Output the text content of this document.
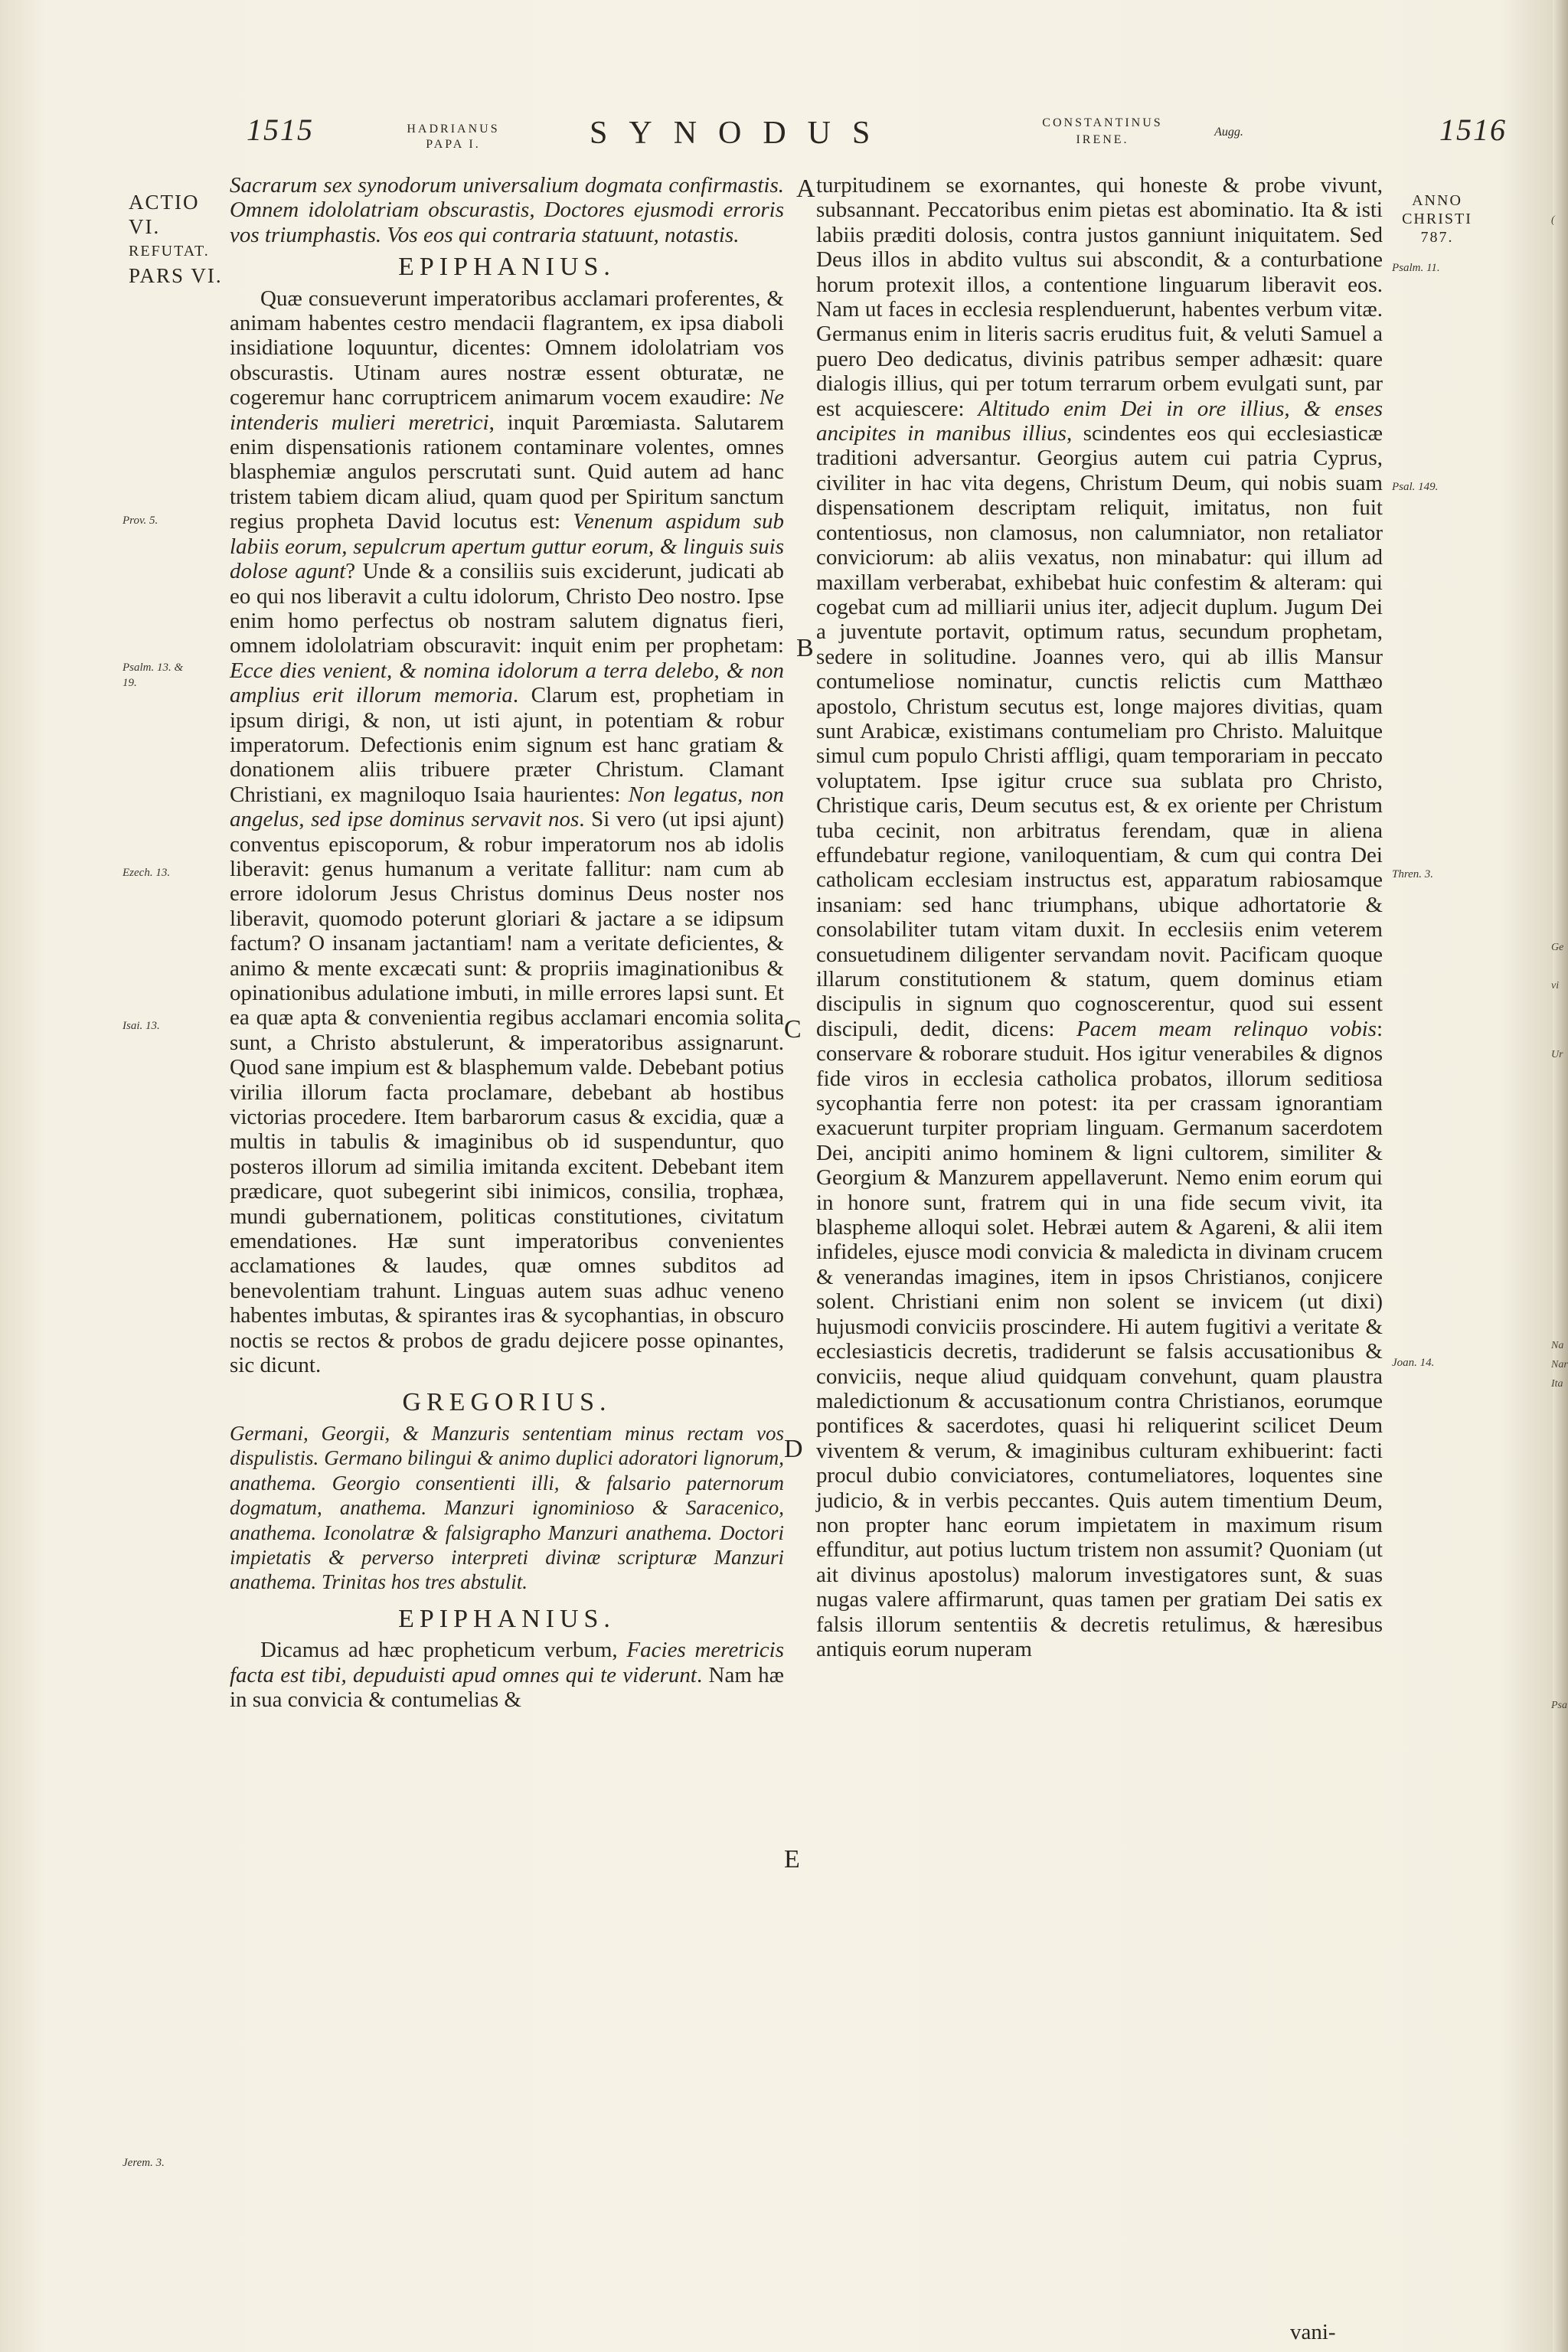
1515	HADRIANUS
PAPA I.	SYNODUS	CONSTANTINUS
IRENE.
Augg.	1516
ACTIO VI.
REFUTAT.
PARS VI.
Prov. 5.
Psalm. 13. & 19.
Ezech. 13.
Isai. 13.
Jerem. 3.
A
B
C
D
E

Sacrarum sex synodorum universalium dogmata confirmastis. Omnem idololatriam obscurastis, Doctores ejusmodi erroris vos triumphastis. Vos eos qui contraria statuunt, notastis.

EPIPHANIUS.

Quæ consueverunt imperatoribus acclamari proferentes, & animam habentes cestro mendacii flagrantem, ex ipsa diaboli insidiatione loquuntur, dicentes: Omnem idololatriam vos obscurastis. Utinam aures nostræ essent obturatæ, ne cogeremur hanc corruptricem animarum vocem exaudire: Ne intenderis mulieri meretrici, inquit Parœmiasta. Salutarem enim dispensationis rationem contaminare volentes, omnes blasphemiæ angulos perscrutati sunt. Quid autem ad hanc tristem tabiem dicam aliud, quam quod per Spiritum sanctum regius propheta David locutus est: Venenum aspidum sub labiis eorum, sepulcrum apertum guttur eorum, & linguis suis dolose agunt? Unde & a consiliis suis exciderunt, judicati ab eo qui nos liberavit a cultu idolorum, Christo Deo nostro. Ipse enim homo perfectus ob nostram salutem dignatus fieri, omnem idololatriam obscuravit: inquit enim per prophetam: Ecce dies venient, & nomina idolorum a terra delebo, & non amplius erit illorum memoria. Clarum est, prophetiam in ipsum dirigi, & non, ut isti ajunt, in potentiam & robur imperatorum. Defectionis enim signum est hanc gratiam & donationem aliis tribuere præter Christum. Clamant Christiani, ex magniloquo Isaia haurientes: Non legatus, non angelus, sed ipse dominus servavit nos. Si vero (ut ipsi ajunt) conventus episcoporum, & robur imperatorum nos ab idolis liberavit: genus humanum a veritate fallitur: nam cum ab errore idolorum Jesus Christus dominus Deus noster nos liberavit, quomodo poterunt gloriari & jactare a se idipsum factum? O insanam jactantiam! nam a veritate deficientes, & animo & mente excæcati sunt: & propriis imaginationibus & opinationibus adulatione imbuti, in mille errores lapsi sunt. Et ea quæ apta & convenientia regibus acclamari encomia solita sunt, a Christo abstulerunt, & imperatoribus assignarunt. Quod sane impium est & blasphemum valde. Debebant potius virilia illorum facta proclamare, debebant ab hostibus victorias procedere. Item barbarorum casus & excidia, quæ a multis in tabulis & imaginibus ob id suspenduntur, quo posteros illorum ad similia imitanda excitent. Debebant item prædicare, quot subegerint sibi inimicos, consilia, trophæa, mundi gubernationem, politicas constitutiones, civitatum emendationes. Hæ sunt imperatoribus convenientes acclamationes & laudes, quæ omnes subditos ad benevolentiam trahunt. Linguas autem suas adhuc veneno habentes imbutas, & spirantes iras & sycophantias, in obscuro noctis se rectos & probos de gradu dejicere posse opinantes, sic dicunt.

GREGORIUS.

Germani, Georgii, & Manzuris sententiam minus rectam vos dispulistis. Germano bilingui & animo duplici adoratori lignorum, anathema. Georgio consentienti illi, & falsario paternorum dogmatum, anathema. Manzuri ignominioso & Saracenico, anathema. Iconolatræ & falsigrapho Manzuri anathema. Doctori impietatis & perverso interpreti divinæ scripturæ Manzuri anathema. Trinitas hos tres abstulit.

EPIPHANIUS.

Dicamus ad hæc propheticum verbum, Facies meretricis facta est tibi, depuduisti apud omnes qui te viderunt. Nam hæ in sua convicia & contumelias &

turpitudinem se exornantes, qui honeste & probe vivunt, subsannant. Peccatoribus enim pietas est abominatio. Ita & isti labiis præditi dolosis, contra justos ganniunt iniquitatem. Sed Deus illos in abdito vultus sui abscondit, & a conturbatione horum protexit illos, a contentione linguarum liberavit eos. Nam ut faces in ecclesia resplenduerunt, habentes verbum vitæ. Germanus enim in literis sacris eruditus fuit, & veluti Samuel a puero Deo dedicatus, divinis patribus semper adhæsit: quare dialogis illius, qui per totum terrarum orbem evulgati sunt, par est acquiescere: Altitudo enim Dei in ore illius, & enses ancipites in manibus illius, scindentes eos qui ecclesiasticæ traditioni adversantur. Georgius autem cui patria Cyprus, civiliter in hac vita degens, Christum Deum, qui nobis suam dispensationem descriptam reliquit, imitatus, non fuit contentiosus, non clamosus, non calumniator, non retaliator conviciorum: ab aliis vexatus, non minabatur: qui illum ad maxillam verberabat, exhibebat huic confestim & alteram: qui cogebat cum ad milliarii unius iter, adjecit duplum. Jugum Dei a juventute portavit, optimum ratus, secundum prophetam, sedere in solitudine. Joannes vero, qui ab illis Mansur contumeliose nominatur, cunctis relictis cum Matthæo apostolo, Christum secutus est, longe majores divitias, quam sunt Arabicæ, existimans contumeliam pro Christo. Maluitque simul cum populo Christi affligi, quam temporariam in peccato voluptatem. Ipse igitur cruce sua sublata pro Christo, Christique caris, Deum secutus est, & ex oriente per Christum tuba cecinit, non arbitratus ferendam, quæ in aliena effundebatur regione, vaniloquentiam, & cum qui contra Dei catholicam ecclesiam instructus est, apparatum rabiosamque insaniam: sed hanc triumphans, ubique adhortatorie & consolabiliter tutam vitam duxit. In ecclesiis enim veterem consuetudinem diligenter servandam novit. Pacificam quoque illarum constitutionem & statum, quem dominus etiam discipulis in signum quo cognoscerentur, quod sui essent discipuli, dedit, dicens: Pacem meam relinquo vobis: conservare & roborare studuit. Hos igitur venerabiles & dignos fide viros in ecclesia catholica probatos, illorum seditiosa sycophantia ferre non potest: ita per crassam ignorantiam exacuerunt turpiter propriam linguam. Germanum sacerdotem Dei, ancipiti animo hominem & ligni cultorem, similiter & Georgium & Manzurem appellaverunt. Nemo enim eorum qui in honore sunt, fratrem qui in una fide secum vivit, ita blaspheme alloqui solet. Hebræi autem & Agareni, & alii item infideles, ejusce modi convicia & maledicta in divinam crucem & venerandas imagines, item in ipsos Christianos, conjicere solent. Christiani enim non solent se invicem (ut dixi) hujusmodi conviciis proscindere. Hi autem fugitivi a veritate & ecclesiasticis decretis, tradiderunt se falsis accusationibus & conviciis, neque aliud quidquam convehunt, quam plaustra maledictionum & accusationum contra Christianos, eorumque pontifices & sacerdotes, quasi hi reliquerint scilicet Deum viventem & verum, & imaginibus culturam exhibuerint: facti procul dubio conviciatores, contumeliatores, loquentes sine judicio, & in verbis peccantes. Quis autem timentium Deum, non propter hanc eorum impietatem in maximum risum effunditur, aut potius luctum tristem non assumit? Quoniam (ut ait divinus apostolus) malorum investigatores sunt, & suas nugas valere affirmarunt, quas tamen per gratiam Dei satis ex falsis illorum sententiis & decretis retulimus, & hæresibus antiquis eorum nuperam

vani-
ANNO CHRISTI 787.
Psalm. 11.
Psal. 149.
Thren. 3.
Joan. 14.
(
Ge
vi
Ur
Na
Nar
Ita
Psa
